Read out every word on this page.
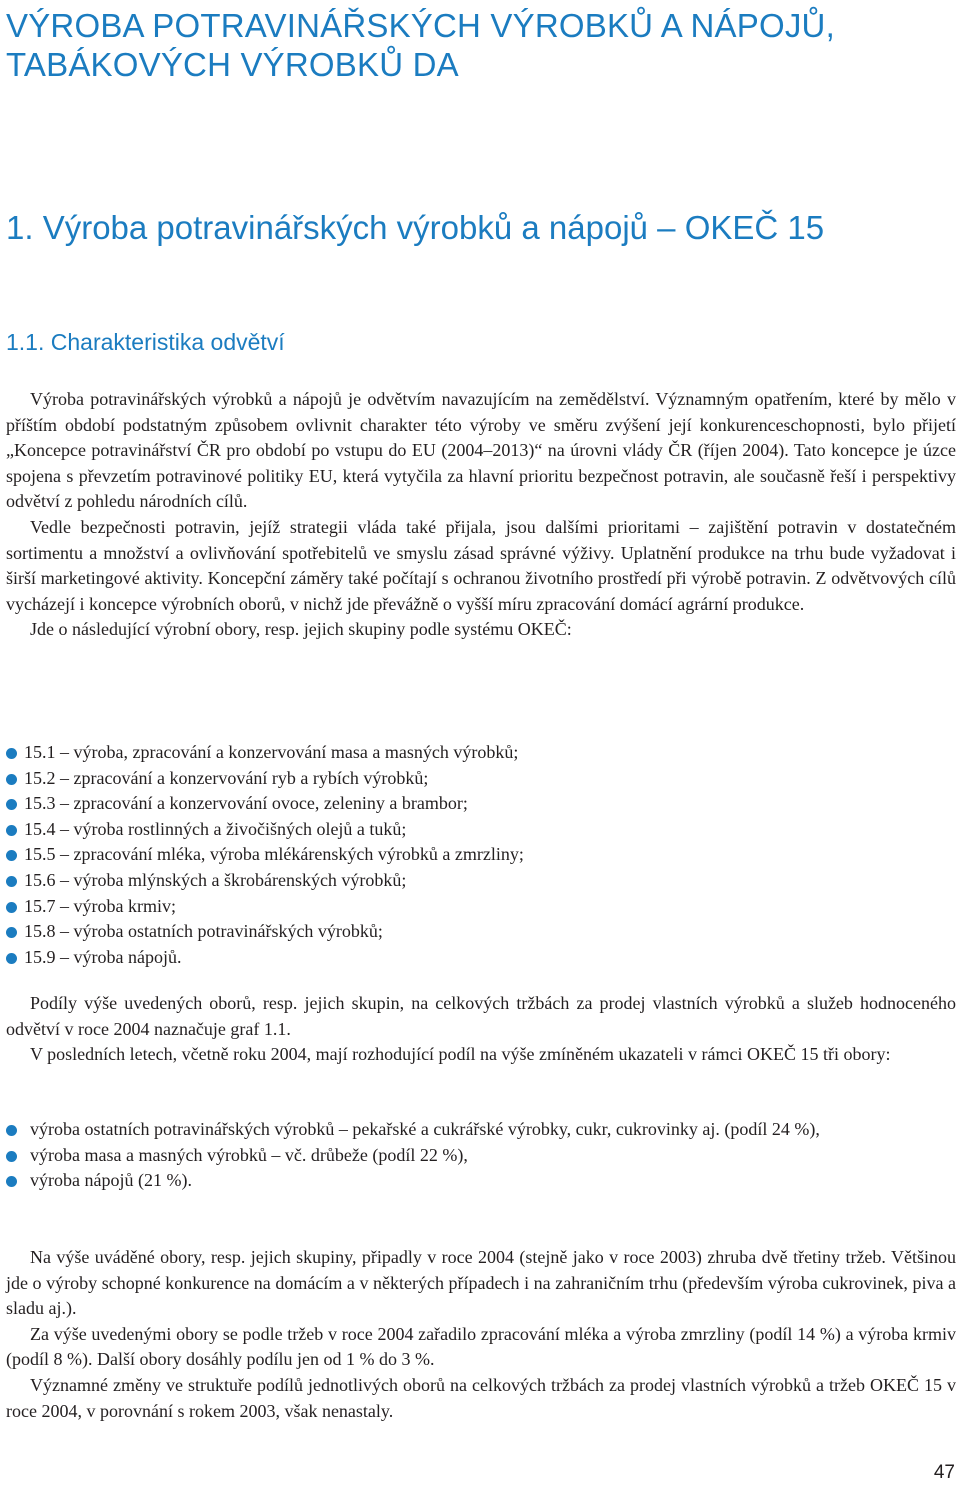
VÝROBA POTRAVINÁŘSKÝCH VÝROBKŮ A NÁPOJŮ,
TABÁKOVÝCH VÝROBKŮ DA
1. Výroba potravinářských výrobků a nápojů – OKEČ 15
1.1. Charakteristika odvětví

Výroba potravinářských výrobků a nápojů je odvětvím navazujícím na zemědělství. Významným opatřením, které by mělo v příštím období podstatným způsobem ovlivnit charakter této výroby ve směru zvýšení její konkurenceschopnosti, bylo přijetí „Koncepce potravinářství ČR pro období po vstupu do EU (2004–2013)“ na úrovni vlády ČR (říjen 2004). Tato koncepce je úzce spojena s převzetím potravinové politiky EU, která vytyčila za hlavní prioritu bezpečnost potravin, ale současně řeší i perspektivy odvětví z pohledu národních cílů.

Vedle bezpečnosti potravin, jejíž strategii vláda také přijala, jsou dalšími prioritami – zajištění potravin v dostatečném sortimentu a množství a ovlivňování spotřebitelů ve smyslu zásad správné výživy. Uplatnění produkce na trhu bude vyžadovat i širší marketingové aktivity. Koncepční záměry také počítají s ochranou životního prostředí při výrobě potravin. Z odvětvových cílů vycházejí i koncepce výrobních oborů, v nichž jde převážně o vyšší míru zpracování domácí agrární produkce.

Jde o následující výrobní obory, resp. jejich skupiny podle systému OKEČ:

15.1 – výroba, zpracování a konzervování masa a masných výrobků;
15.2 – zpracování a konzervování ryb a rybích výrobků;
15.3 – zpracování a konzervování ovoce, zeleniny a brambor;
15.4 – výroba rostlinných a živočišných olejů a tuků;
15.5 – zpracování mléka, výroba mlékárenských výrobků a zmrzliny;
15.6 – výroba mlýnských a škrobárenských výrobků;
15.7 – výroba krmiv;
15.8 – výroba ostatních potravinářských výrobků;
15.9 – výroba nápojů.

Podíly výše uvedených oborů, resp. jejich skupin, na celkových tržbách za prodej vlastních výrobků a služeb hodnoceného odvětví v roce 2004 naznačuje graf 1.1.

V posledních letech, včetně roku 2004, mají rozhodující podíl na výše zmíněném ukazateli v rámci OKEČ 15 tři obory:

výroba ostatních potravinářských výrobků – pekařské a cukrářské výrobky, cukr, cukrovinky aj. (podíl 24 %),
výroba masa a masných výrobků – vč. drůbeže (podíl 22 %),
výroba nápojů (21 %).

Na výše uváděné obory, resp. jejich skupiny, připadly v roce 2004 (stejně jako v roce 2003) zhruba dvě třetiny tržeb. Většinou jde o výroby schopné konkurence na domácím a v některých případech i na zahraničním trhu (především výroba cukrovinek, piva a sladu aj.).

Za výše uvedenými obory se podle tržeb v roce 2004 zařadilo zpracování mléka a výroba zmrzliny (podíl 14 %) a výroba krmiv (podíl 8 %). Další obory dosáhly podílu jen od 1 % do 3 %.

Významné změny ve struktuře podílů jednotlivých oborů na celkových tržbách za prodej vlastních výrobků a tržeb OKEČ 15 v roce 2004, v porovnání s rokem 2003, však nenastaly.

47
